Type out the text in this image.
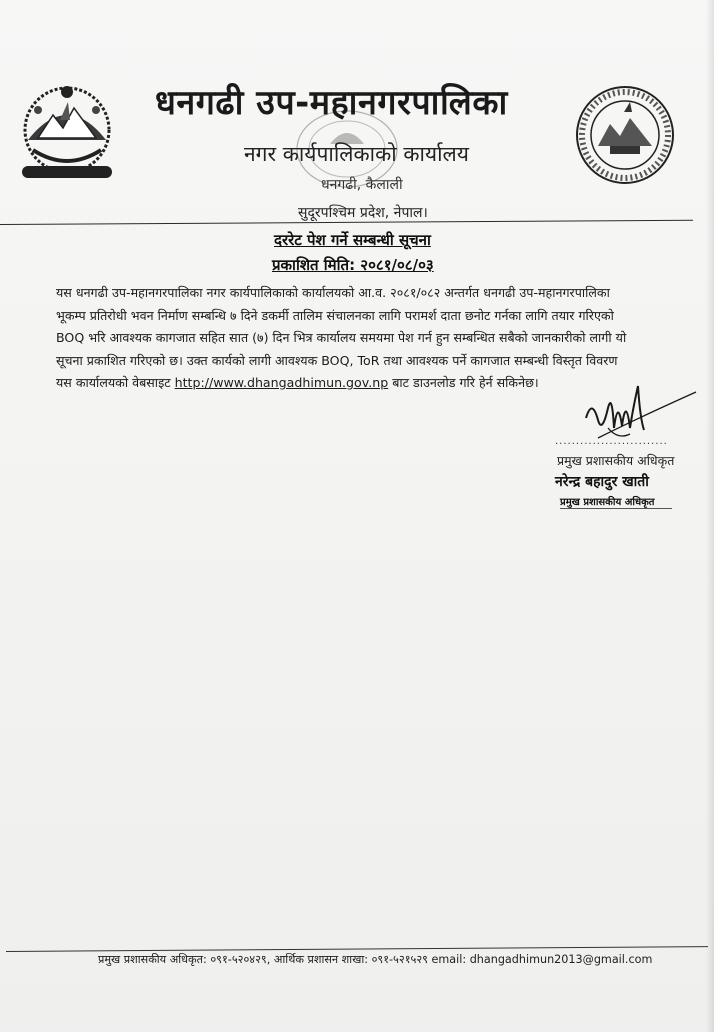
धनगढी उप-महानगरपालिका
नगर कार्यपालिकाको कार्यालय
धनगढी, कैलाली
सुदूरपश्चिम प्रदेश, नेपाल।
दररेट पेश गर्ने सम्बन्धी सूचना
प्रकाशित मिति: २०८१/०८/०३
यस धनगढी उप-महानगरपालिका नगर कार्यपालिकाको कार्यालयको आ.व. २०८१/०८२ अन्तर्गत धनगढी उप-महानगरपालिका
भूकम्प प्रतिरोधी भवन निर्माण सम्बन्धि ७ दिने डकर्मी तालिम संचालनका लागि परामर्श दाता छनोट गर्नका लागि तयार गरिएको
BOQ भरि आवश्यक कागजात सहित सात (७) दिन भित्र कार्यालय समयमा पेश गर्न हुन सम्बन्धित सबैको जानकारीको लागी यो
सूचना प्रकाशित गरिएको छ। उक्त कार्यको लागी आवश्यक BOQ, ToR तथा आवश्यक पर्ने कागजात सम्बन्धी विस्तृत विवरण
यस कार्यालयको वेबसाइट http://www.dhangadhimun.gov.np बाट डाउनलोड गरि हेर्न सकिनेछ।
...........................
प्रमुख प्रशासकीय अधिकृत
नरेन्द्र बहादुर खाती
प्रमुख प्रशासकीय अधिकृत
प्रमुख प्रशासकीय अधिकृत: ०९१-५२०४२९, आर्थिक प्रशासन शाखा: ०९१-५२१५२९ email: dhangadhimun2013@gmail.com
